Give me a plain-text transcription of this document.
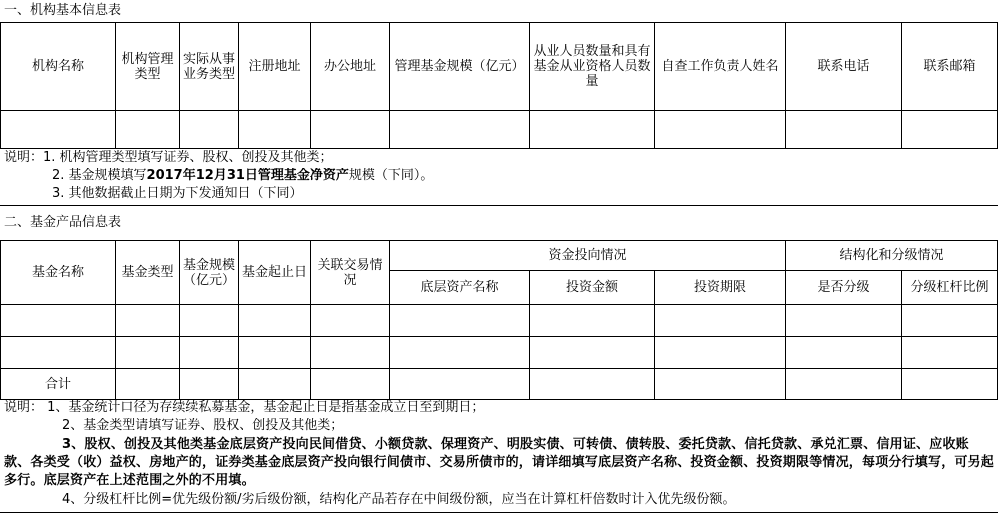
一、机构基本信息表
机构名称	机构管理类型	实际从事业务类型	注册地址	办公地址	管理基金规模（亿元）	从业人员数量和具有基金从业资格人员数量	自查工作负责人姓名	联系电话	联系邮箱

说明：1. 机构管理类型填写证券、股权、创投及其他类；
2. 基金规模填写2017年12月31日管理基金净资产规模（下同）。
3. 其他数据截止日期为下发通知日（下同）
二、基金产品信息表
基金名称	基金类型	基金规模（亿元）	基金起止日	关联交易情况	资金投向情况			结构化和分级情况	
					底层资产名称	投资金额	投资期限	是否分级	分级杠杆比例

合计									
说明： 1、基金统计口径为存续续私募基金，基金起止日是指基金成立日至到期日；
2、基金类型请填写证券、股权、创投及其他类；
3、股权、创投及其他类基金底层资产投向民间借贷、小额贷款、保理资产、明股实债、可转债、债转股、委托贷款、信托贷款、承兑汇票、信用证、应收账款、各类受（收）益权、房地产的，证券类基金底层资产投向银行间债市、交易所债市的，请详细填写底层资产名称、投资金额、投资期限等情况，每项分行填写，可另起多行。底层资产在上述范围之外的不用填。
4、分级杠杆比例=优先级份额/劣后级份额，结构化产品若存在中间级份额，应当在计算杠杆倍数时计入优先级份额。
